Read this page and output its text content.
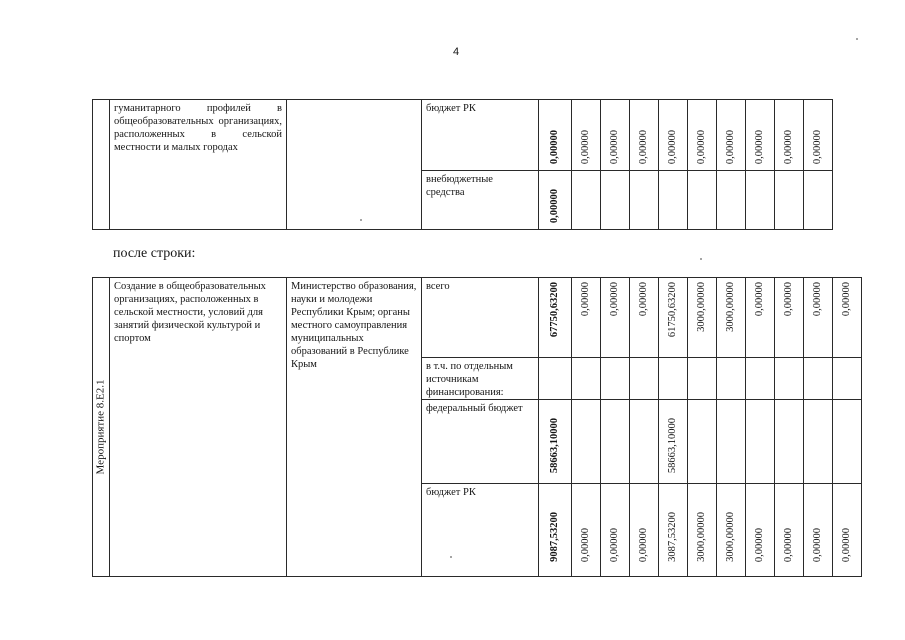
4

	гуманитарного профилей в общеобразовательных организациях, расположенных в сельской местности и малых городах		бюджет РК	0,00000	0,00000	0,00000	0,00000	0,00000	0,00000	0,00000	0,00000	0,00000	0,00000

			внебюджетные средства	0,00000									

после строки:
Мероприятие 8.Е2.1	Создание в общеобразовательных организациях, расположенных в сельской местности, условий для занятий физической культурой и спортом	Министерство образования, науки и молодежи Республики Крым; органы местного самоуправления муниципальных образований в Республике Крым	всего	67750,63200	0,00000	0,00000	0,00000	61750,63200	3000,00000	3000,00000	0,00000	0,00000	0,00000	0,00000

			в т.ч. по отдельным источникам финансирования:											

			федеральный бюджет	58663,10000				58663,10000						

			бюджет РК	9087,53200	0,00000	0,00000	0,00000	3087,53200	3000,00000	3000,00000	0,00000	0,00000	0,00000	0,00000
